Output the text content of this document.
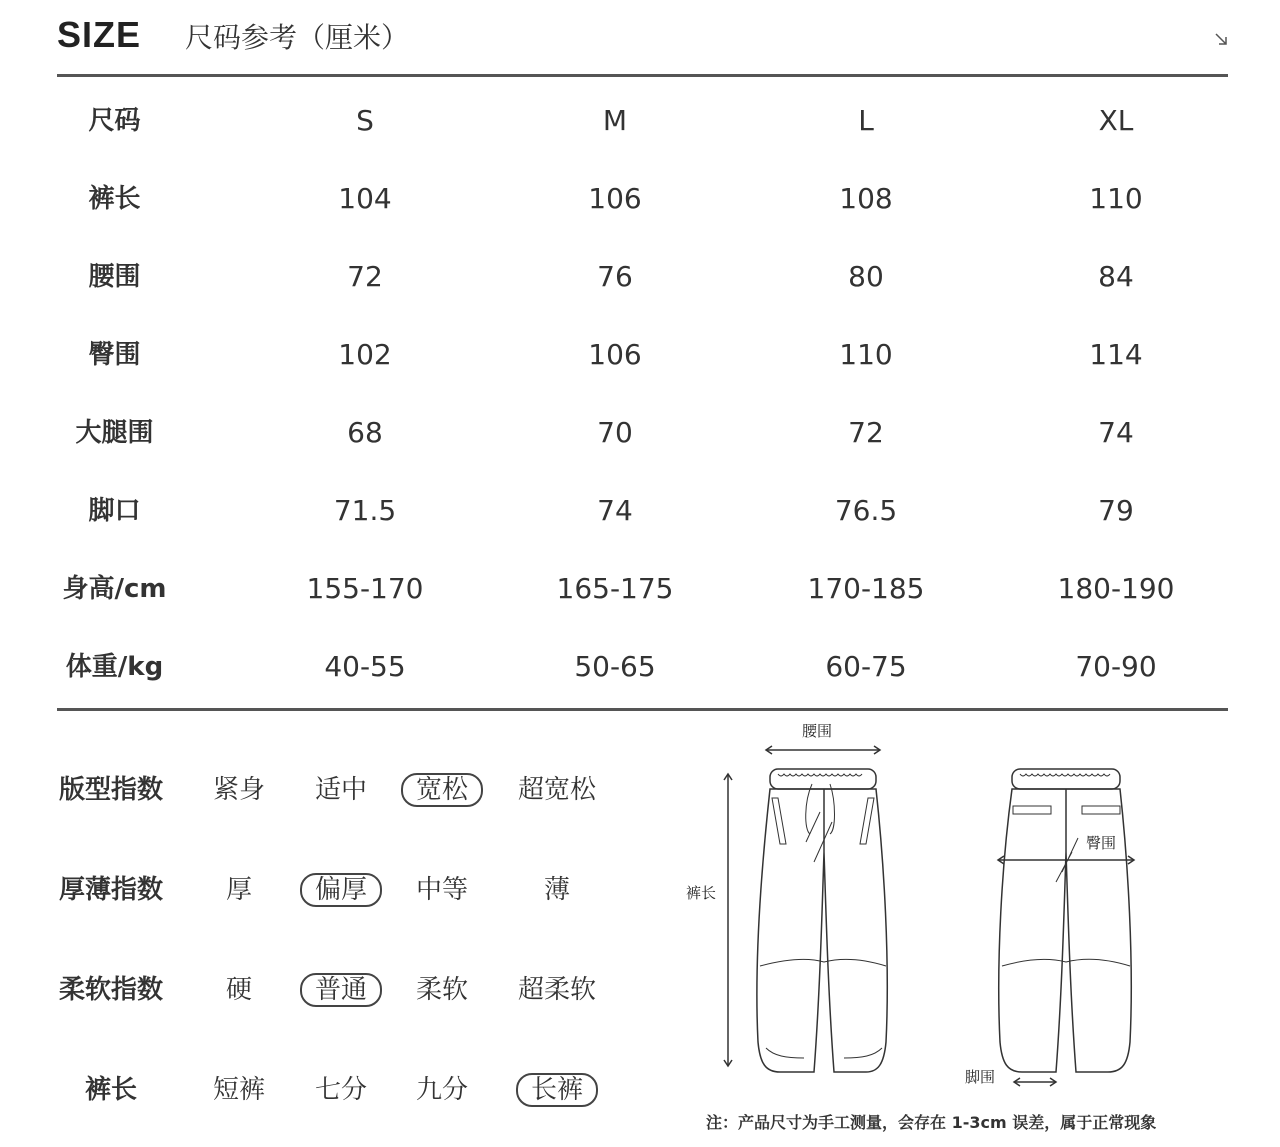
SIZE 尺码参考（厘米）
尺码	S	M	L	XL
裤长	104	106	108	110
腰围	72	76	80	84
臀围	102	106	110	114
大腿围	68	70	72	74
脚口	71.5	74	76.5	79
身高/cm	155-170	165-175	170-185	180-190
体重/kg	40-55	50-65	60-75	70-90
版型指数	紧身	适中	宽松	超宽松
厚薄指数	厚	偏厚	中等	薄
柔软指数	硬	普通	柔软	超柔软
裤长	短裤	七分	九分	长裤
腰围
裤长
臀围
脚围
注：产品尺寸为手工测量，会存在 1-3cm 误差，属于正常现象
